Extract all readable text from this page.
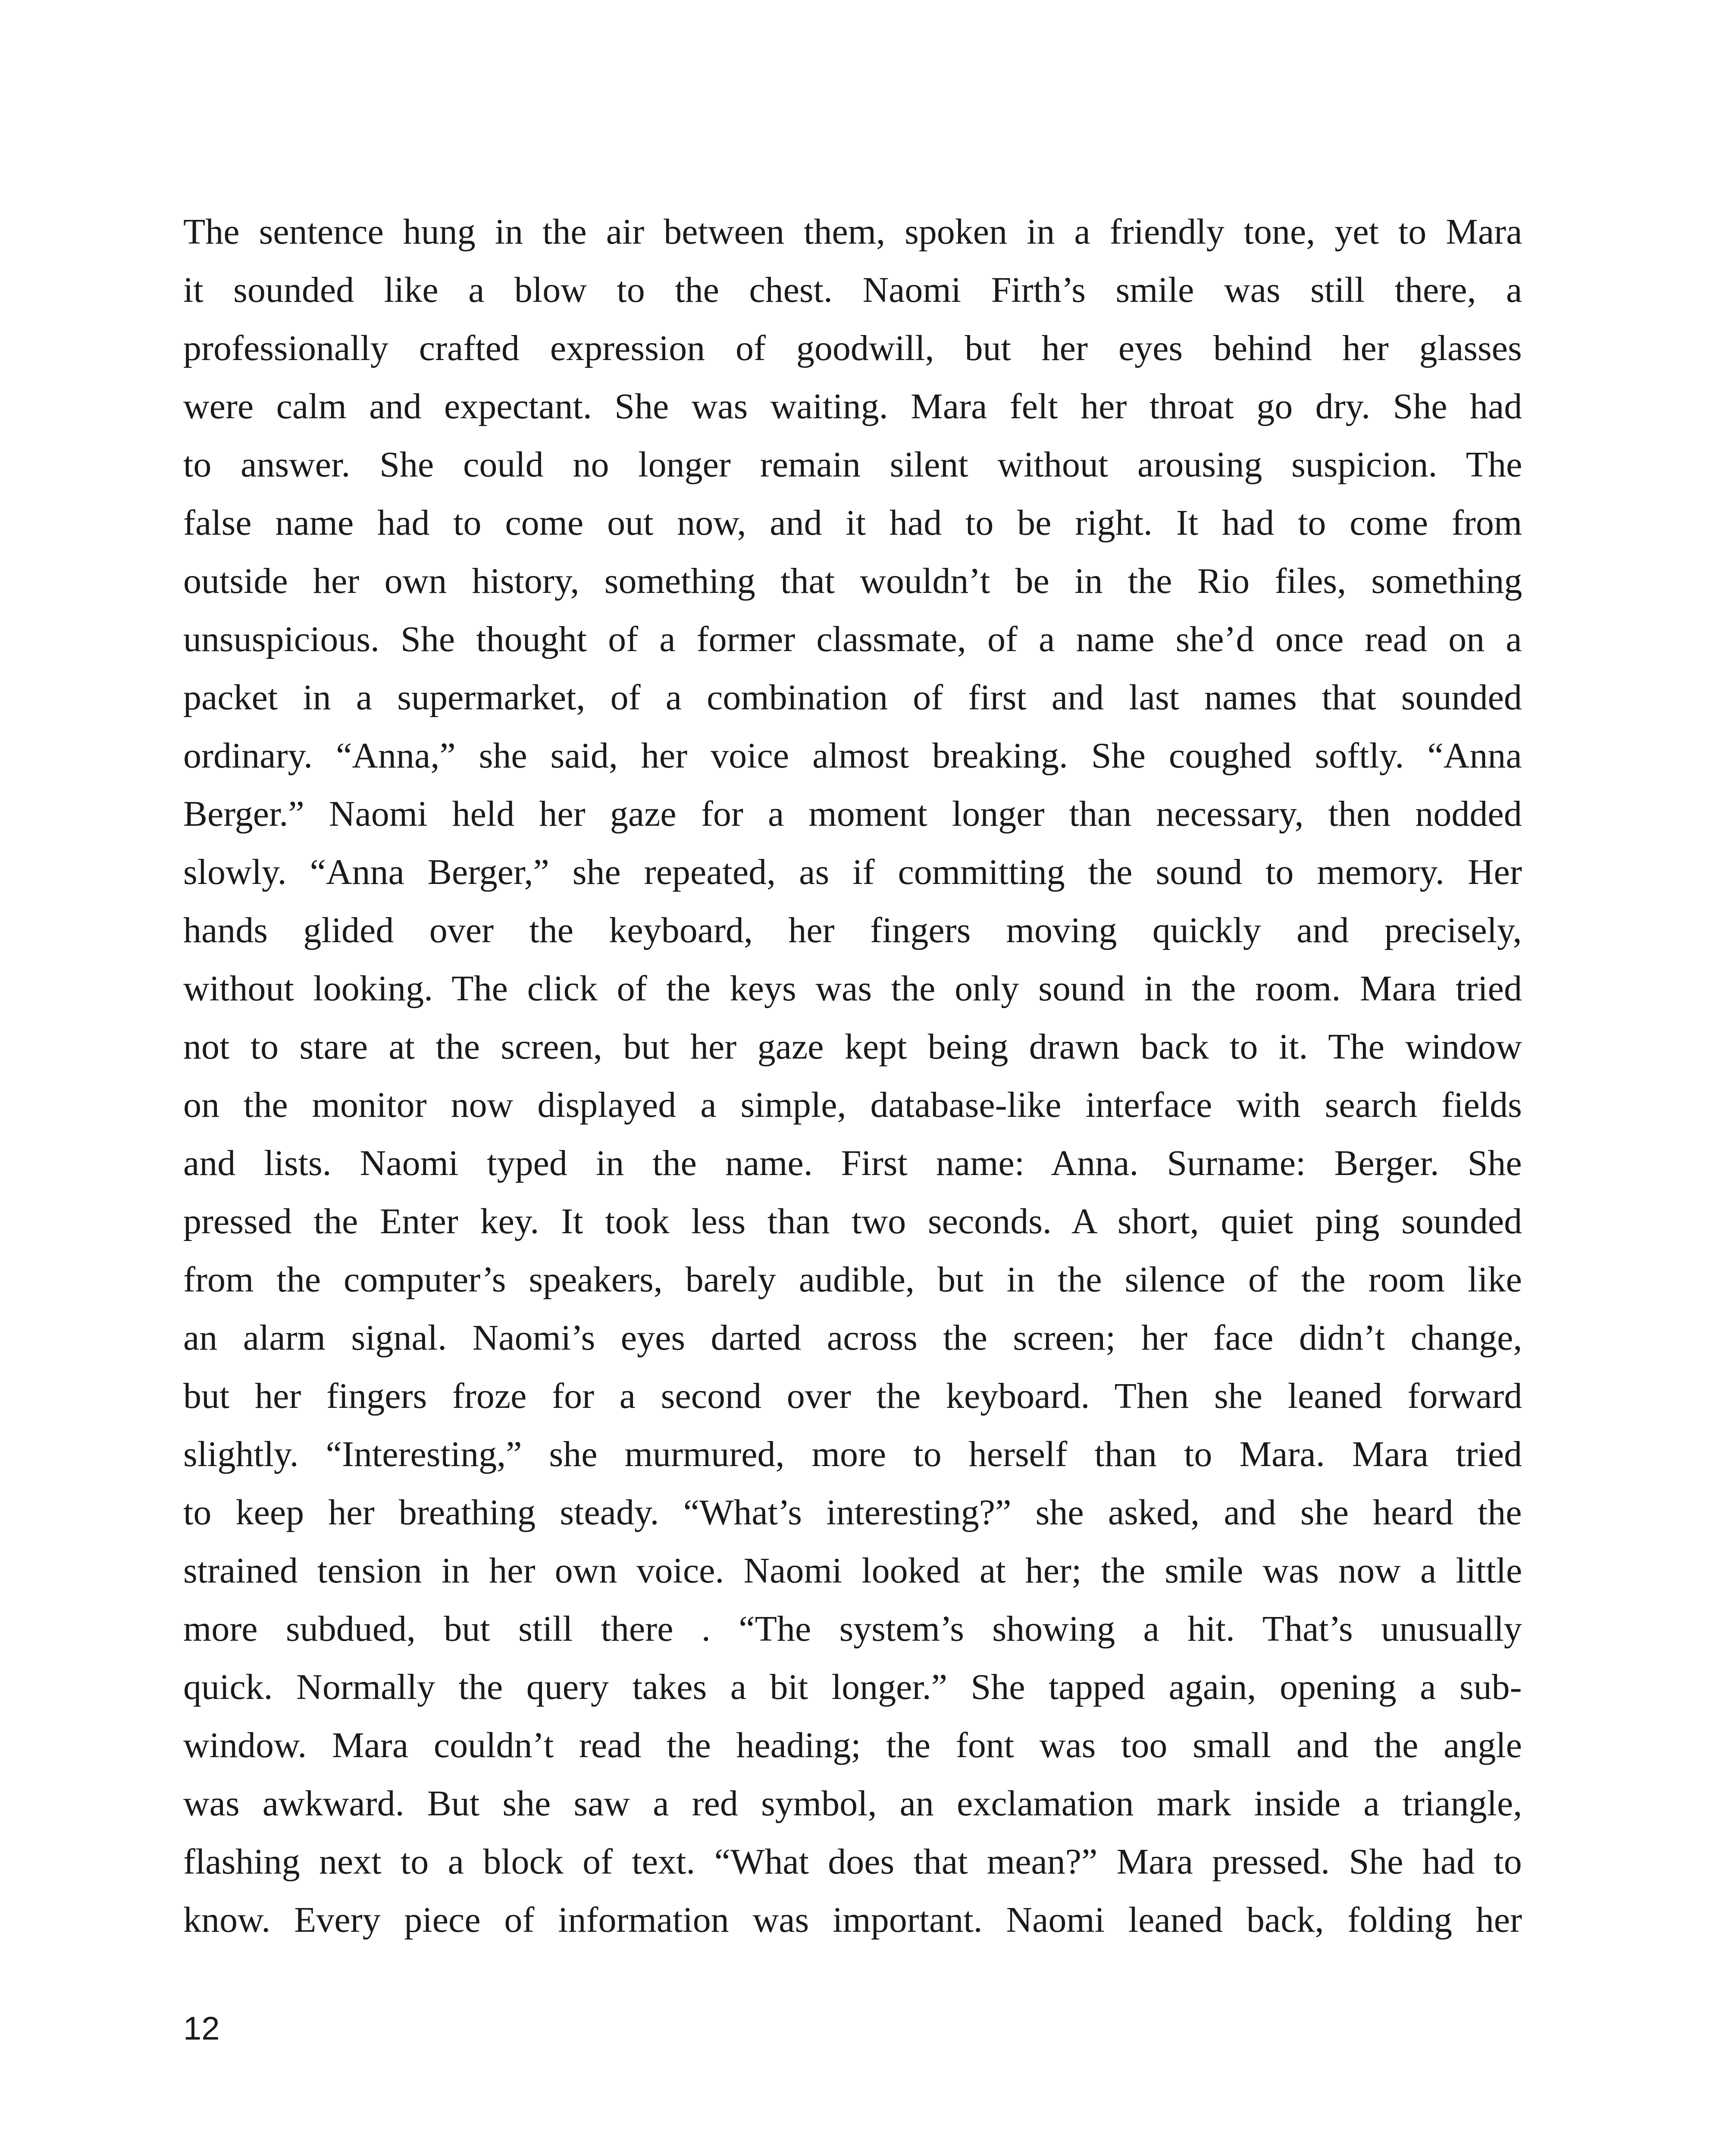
The sentence hung in the air between them, spoken in a friendly tone, yet to Mara
it sounded like a blow to the chest. Naomi Firth’s smile was still there, a
professionally crafted expression of goodwill, but her eyes behind her glasses
were calm and expectant. She was waiting. Mara felt her throat go dry. She had
to answer. She could no longer remain silent without arousing suspicion. The
false name had to come out now, and it had to be right. It had to come from
outside her own history, something that wouldn’t be in the Rio files, something
unsuspicious. She thought of a former classmate, of a name she’d once read on a
packet in a supermarket, of a combination of first and last names that sounded
ordinary. “Anna,” she said, her voice almost breaking. She coughed softly. “Anna
Berger.” Naomi held her gaze for a moment longer than necessary, then nodded
slowly. “Anna Berger,” she repeated, as if committing the sound to memory. Her
hands glided over the keyboard, her fingers moving quickly and precisely,
without looking. The click of the keys was the only sound in the room. Mara tried
not to stare at the screen, but her gaze kept being drawn back to it. The window
on the monitor now displayed a simple, database-like interface with search fields
and lists. Naomi typed in the name. First name: Anna. Surname: Berger. She
pressed the Enter key. It took less than two seconds. A short, quiet ping sounded
from the computer’s speakers, barely audible, but in the silence of the room like
an alarm signal. Naomi’s eyes darted across the screen; her face didn’t change,
but her fingers froze for a second over the keyboard. Then she leaned forward
slightly. “Interesting,” she murmured, more to herself than to Mara. Mara tried
to keep her breathing steady. “What’s interesting?” she asked, and she heard the
strained tension in her own voice. Naomi looked at her; the smile was now a little
more subdued, but still there . “The system’s showing a hit. That’s unusually
quick. Normally the query takes a bit longer.” She tapped again, opening a sub-
window. Mara couldn’t read the heading; the font was too small and the angle
was awkward. But she saw a red symbol, an exclamation mark inside a triangle,
flashing next to a block of text. “What does that mean?” Mara pressed. She had to
know. Every piece of information was important. Naomi leaned back, folding her
12
